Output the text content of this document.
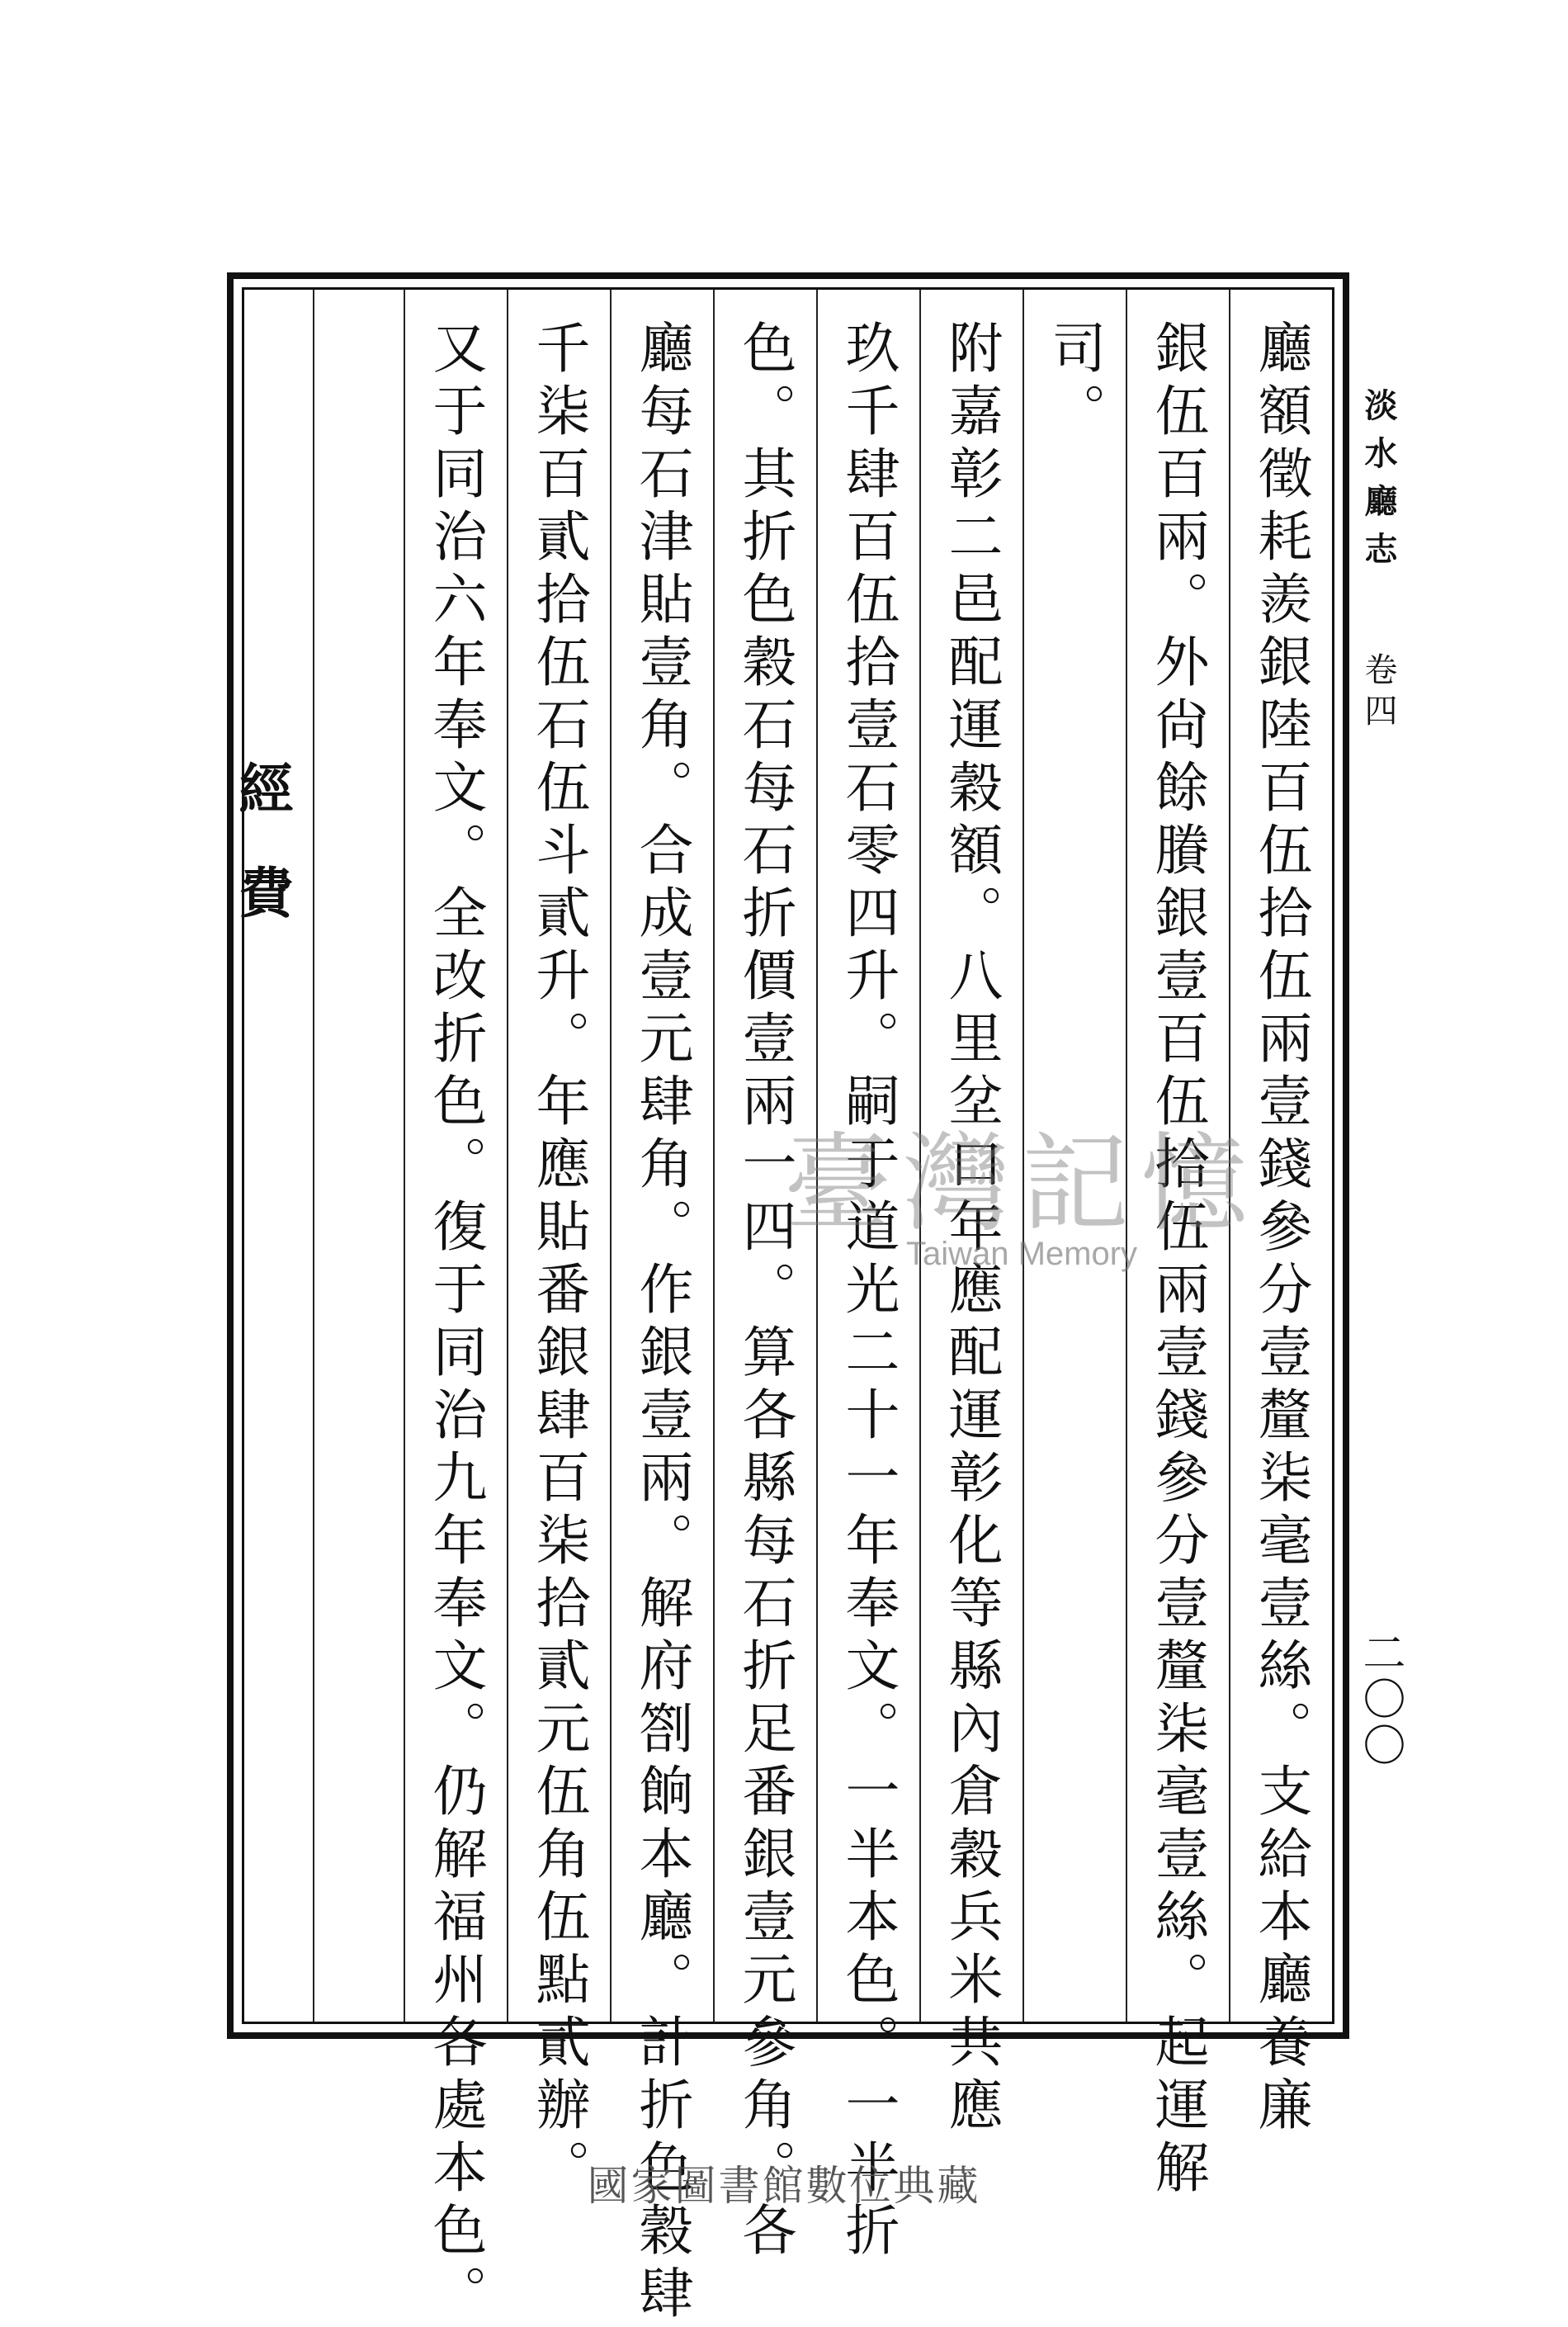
廳額徵耗羨銀陸百伍拾伍兩壹錢參分壹釐柒毫壹絲。支給本廳養廉
銀伍百兩。外尙餘賸銀壹百伍拾伍兩壹錢參分壹釐柒毫壹絲。起運解
司。
附嘉彰二邑配運穀額。八里坌口年應配運彰化等縣內倉穀兵米共應
玖千肆百伍拾壹石零四升。嗣于道光二十一年奉文。一半本色。一半折
色。其折色穀石每石折價壹兩一四。算各縣每石折足番銀壹元參角。各
廳每石津貼壹角。合成壹元肆角。作銀壹兩。解府劄餉本廳。計折色穀肆
千柒百貳拾伍石伍斗貳升。年應貼番銀肆百柒拾貳元伍角伍點貳辦。
又于同治六年奉文。全改折色。復于同治九年奉文。仍解福州各處本色。
經費
淡水廳志
卷四
二〇〇
臺灣記憶
Taiwan Memory
國家圖書館數位典藏
